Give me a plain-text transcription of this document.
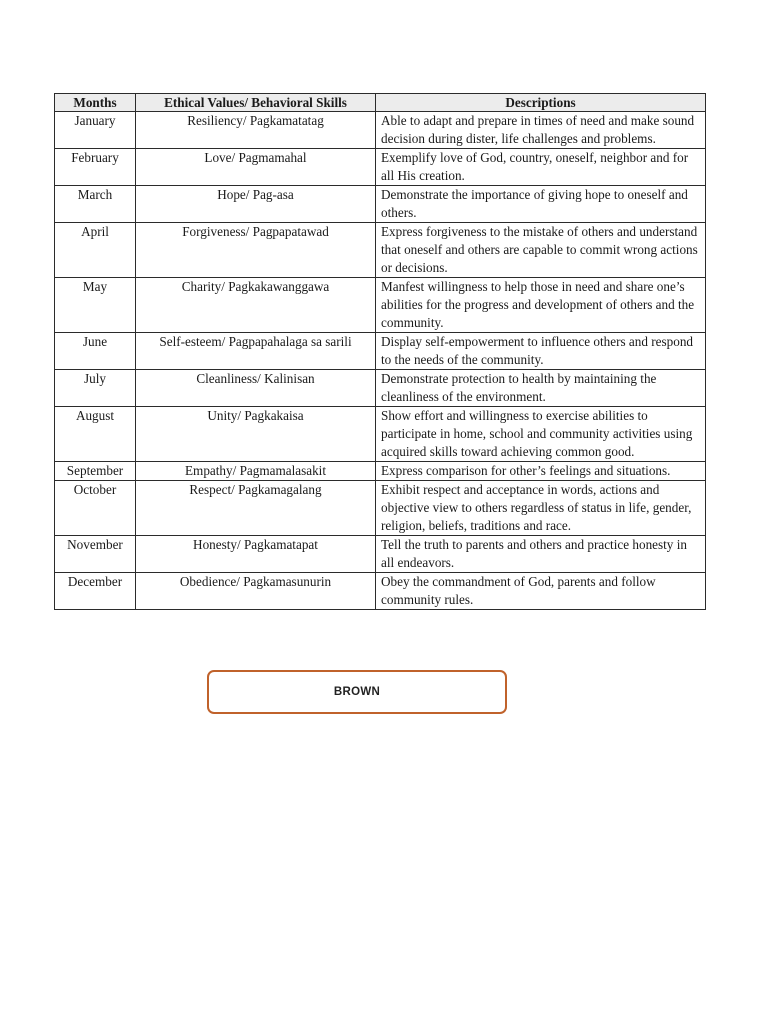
Months	Ethical Values/ Behavioral Skills	Descriptions
January	Resiliency/ Pagkamatatag	Able to adapt and prepare in times of need and make sound decision during dister, life challenges and problems.
February	Love/ Pagmamahal	Exemplify love of God, country, oneself, neighbor and for all His creation.
March	Hope/ Pag-asa	Demonstrate the importance of giving hope to oneself and others.
April	Forgiveness/ Pagpapatawad	Express forgiveness to the mistake of others and understand that oneself and others are capable to commit wrong actions or decisions.
May	Charity/ Pagkakawanggawa	Manfest willingness to help those in need and share one’s abilities for the progress and development of others and the community.
June	Self-esteem/ Pagpapahalaga sa sarili	Display self-empowerment to influence others and respond to the needs of the community.
July	Cleanliness/ Kalinisan	Demonstrate protection to health by maintaining the cleanliness of the environment.
August	Unity/ Pagkakaisa	Show effort and willingness to exercise abilities to participate in home, school and community activities using acquired skills toward achieving common good.
September	Empathy/ Pagmamalasakit	Express comparison for other’s feelings and situations.
October	Respect/ Pagkamagalang	Exhibit respect and acceptance in words, actions and objective view to others regardless of status in life, gender, religion, beliefs, traditions and race.
November	Honesty/ Pagkamatapat	Tell the truth to parents and others and practice honesty in all endeavors.
December	Obedience/ Pagkamasunurin	Obey the commandment of God, parents and follow community rules.
BROWN
